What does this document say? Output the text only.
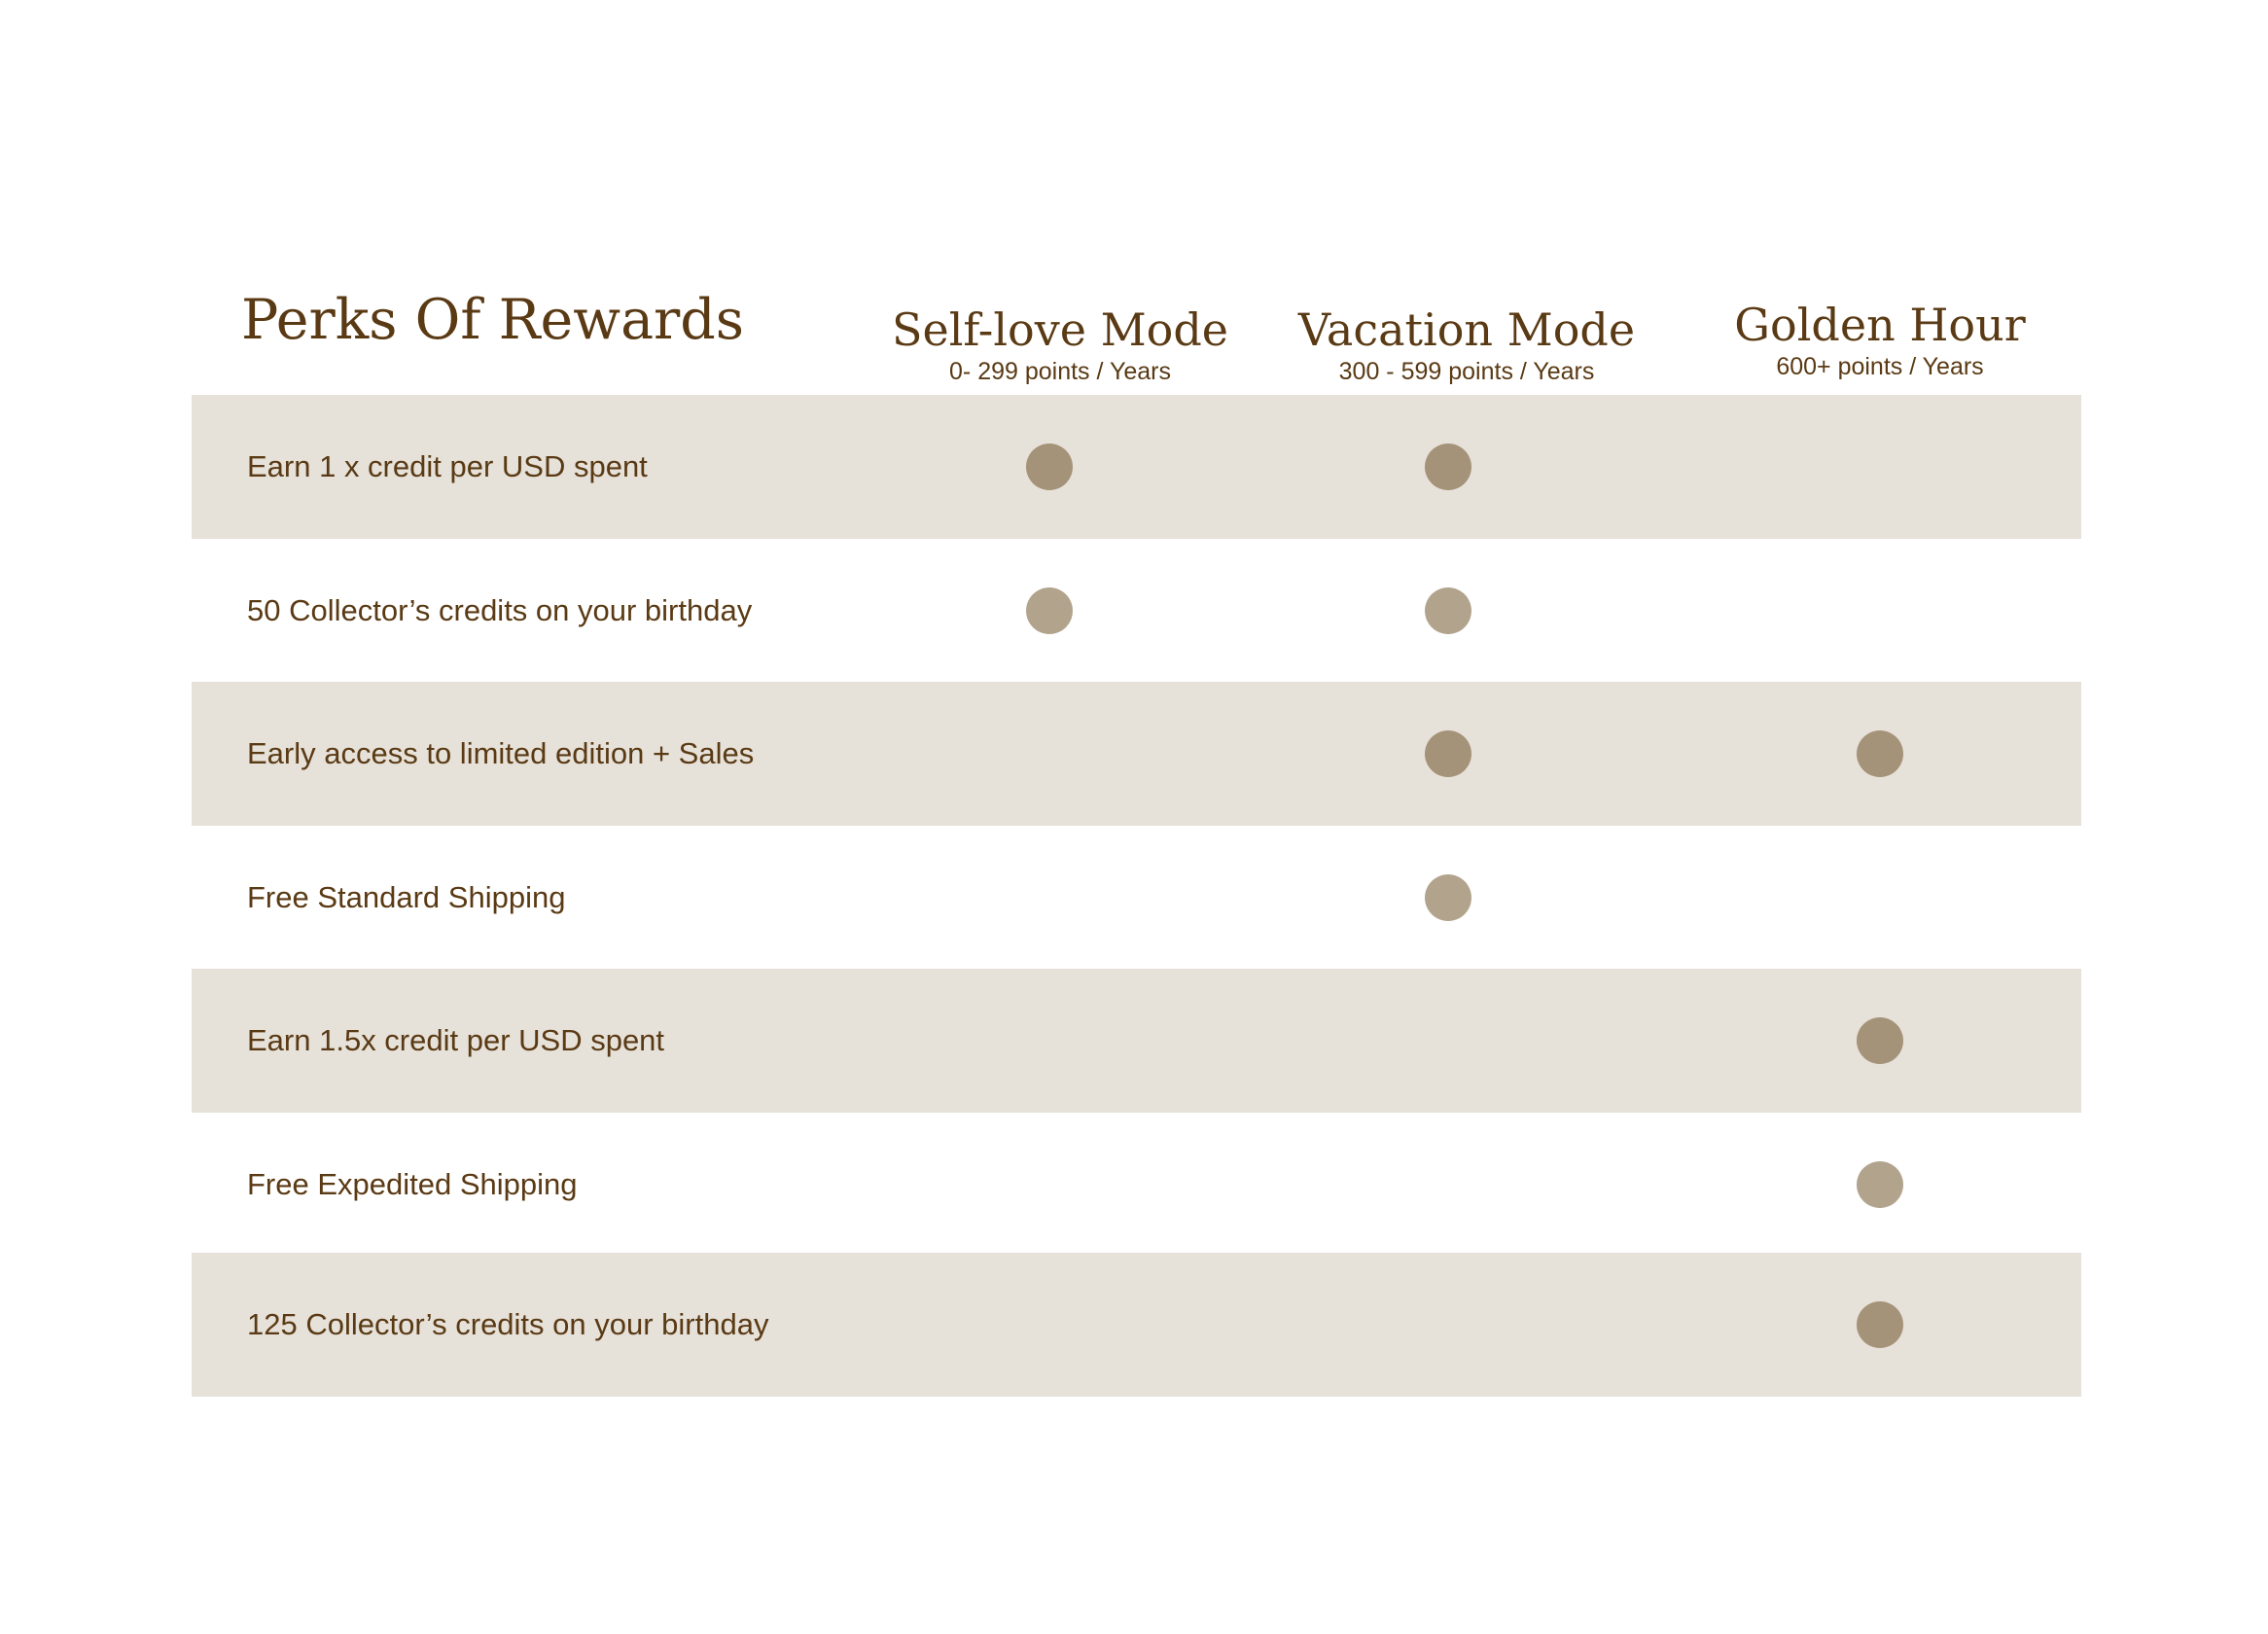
Perks Of Rewards	Self-love Mode
0- 299 points / Years
Vacation Mode
300 - 599 points / Years
Golden Hour
600+ points / Years
Earn 1 x credit per USD spent
50 Collector’s credits on your birthday
Early access to limited edition + Sales
Free Standard Shipping
Earn 1.5x credit per USD spent
Free Expedited Shipping
125 Collector’s credits on your birthday
